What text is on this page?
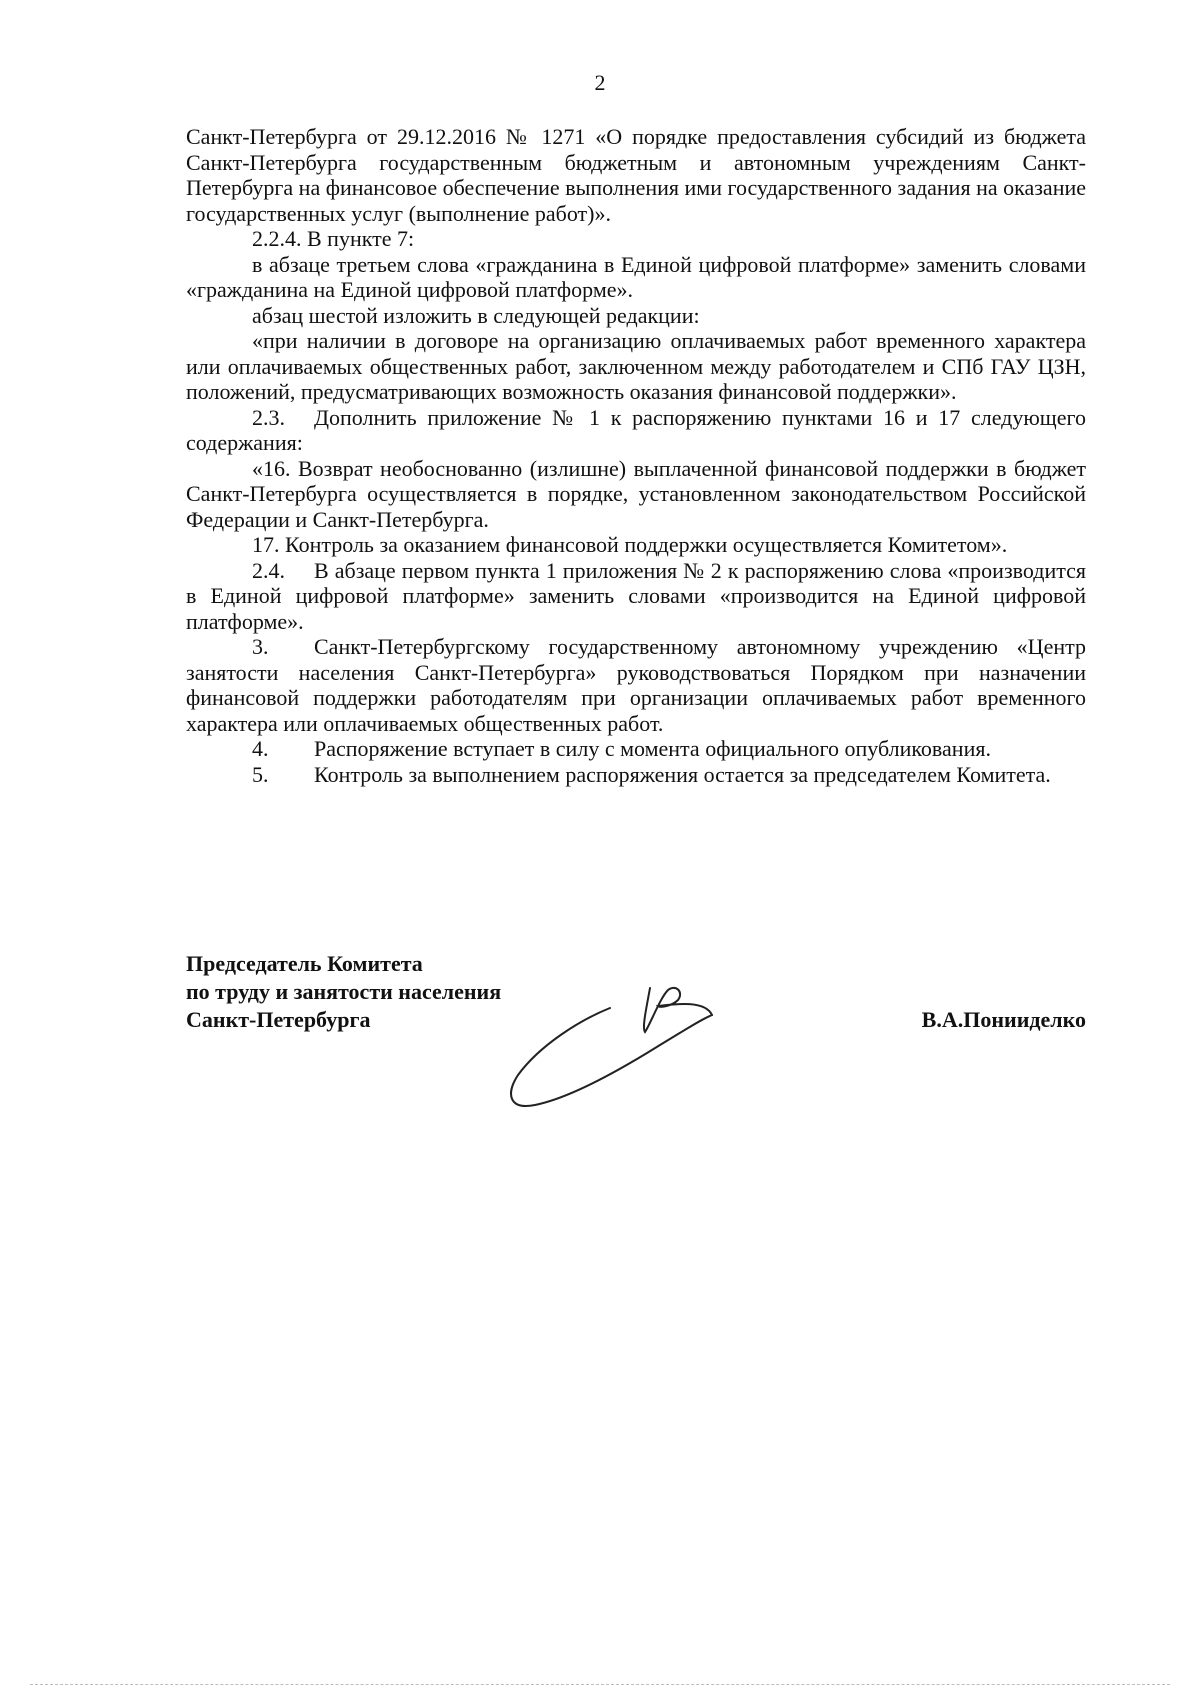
2

Санкт-Петербурга от 29.12.2016 № 1271 «О порядке предоставления субсидий из бюджета Санкт-Петербурга государственным бюджетным и автономным учреждениям Санкт-Петербурга на финансовое обеспечение выполнения ими государственного задания на оказание государственных услуг (выполнение работ)».

2.2.4. В пункте 7:

в абзаце третьем слова «гражданина в Единой цифровой платформе» заменить словами «гражданина на Единой цифровой платформе».

абзац шестой изложить в следующей редакции:

«при наличии в договоре на организацию оплачиваемых работ временного характера или оплачиваемых общественных работ, заключенном между работодателем и СПб ГАУ ЦЗН, положений, предусматривающих возможность оказания финансовой поддержки».

2.3. Дополнить приложение № 1 к распоряжению пунктами 16 и 17 следующего содержания:

«16. Возврат необоснованно (излишне) выплаченной финансовой поддержки в бюджет Санкт-Петербурга осуществляется в порядке, установленном законодательством Российской Федерации и Санкт-Петербурга.

17. Контроль за оказанием финансовой поддержки осуществляется Комитетом».

2.4. В абзаце первом пункта 1 приложения № 2 к распоряжению слова «производится в Единой цифровой платформе» заменить словами «производится на Единой цифровой платформе».

3. Санкт-Петербургскому государственному автономному учреждению «Центр занятости населения Санкт-Петербурга» руководствоваться Порядком при назначении финансовой поддержки работодателям при организации оплачиваемых работ временного характера или оплачиваемых общественных работ.

4. Распоряжение вступает в силу с момента официального опубликования.

5. Контроль за выполнением распоряжения остается за председателем Комитета.

Председатель Комитета
по труду и занятости населения
Санкт-Петербурга	В.А.Понииделко
